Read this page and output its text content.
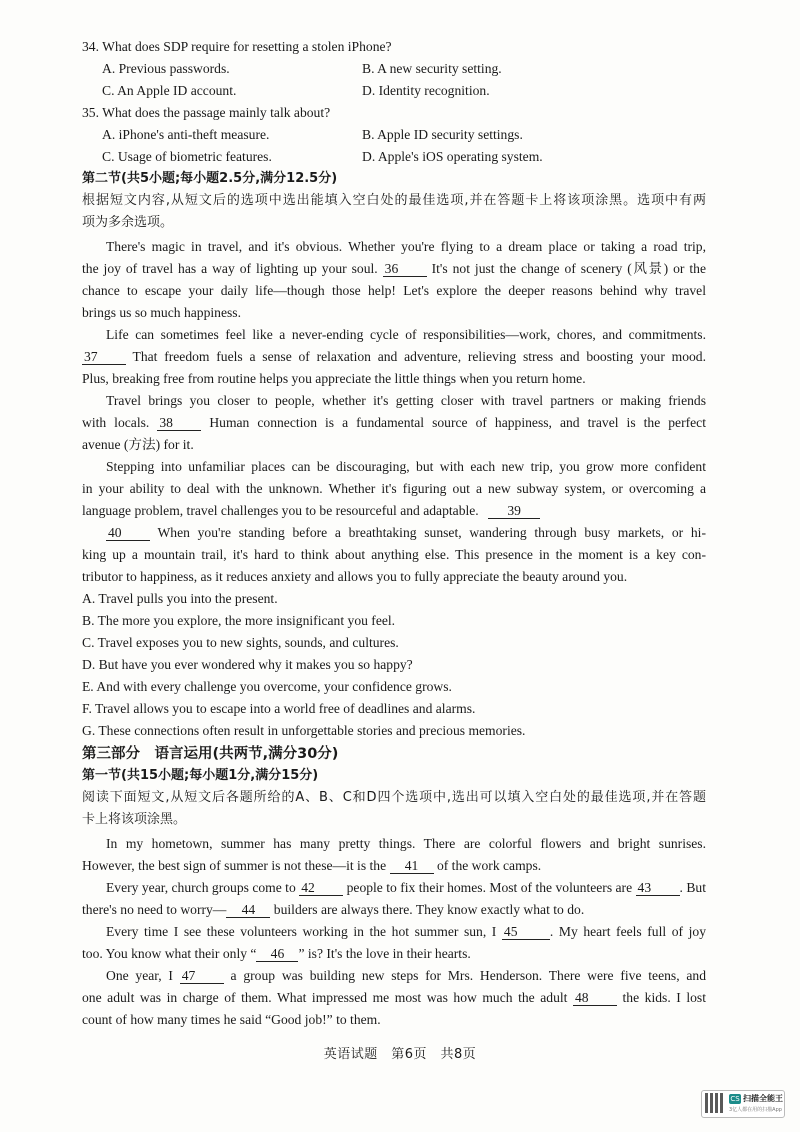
34. What does SDP require for resetting a stolen iPhone?
A. Previous passwords.	B. A new security setting.
C. An Apple ID account.	D. Identity recognition.
35. What does the passage mainly talk about?
A. iPhone's anti-theft measure.	B. Apple ID security settings.
C. Usage of biometric features.	D. Apple's iOS operating system.
第二节(共5小题;每小题2.5分,满分12.5分)
根据短文内容,从短文后的选项中选出能填入空白处的最佳选项,并在答题卡上将该项涂黑。选项中有两
项为多余选项。
There's magic in travel, and it's obvious. Whether you're flying to a dream place or taking a road trip,
the joy of travel has a way of lighting up your soul. 36 It's not just the change of scenery (风景) or the
chance to escape your daily life—though those help! Let's explore the deeper reasons behind why travel
brings us so much happiness.
Life can sometimes feel like a never-ending cycle of responsibilities—work, chores, and commitments.
37	That freedom fuels a sense of relaxation and adventure, relieving stress and boosting your mood.
Plus, breaking free from routine helps you appreciate the little things when you return home.
Travel brings you closer to people, whether it's getting closer with travel partners or making friends
with locals. 38	Human connection is a fundamental source of happiness, and travel is the perfect
avenue (方法) for it.
Stepping into unfamiliar places can be discouraging, but with each new trip, you grow more confident
in your ability to deal with the unknown. Whether it's figuring out a new subway system, or overcoming a
language problem, travel challenges you to be resourceful and adaptable. 39
40	When you're standing before a breathtaking sunset, wandering through busy markets, or hi-
king up a mountain trail, it's hard to think about anything else. This presence in the moment is a key con-
tributor to happiness, as it reduces anxiety and allows you to fully appreciate the beauty around you.
A. Travel pulls you into the present.
B. The more you explore, the more insignificant you feel.
C. Travel exposes you to new sights, sounds, and cultures.
D. But have you ever wondered why it makes you so happy?
E. And with every challenge you overcome, your confidence grows.
F. Travel allows you to escape into a world free of deadlines and alarms.
G. These connections often result in unforgettable stories and precious memories.
第三部分　语言运用(共两节,满分30分)
第一节(共15小题;每小题1分,满分15分)
阅读下面短文,从短文后各题所给的A、B、C和D四个选项中,选出可以填入空白处的最佳选项,并在答题
卡上将该项涂黑。
In my hometown, summer has many pretty things. There are colorful flowers and bright sunrises.
However, the best sign of summer is not these—it is the 41 of the work camps.
Every year, church groups come to 42 people to fix their homes. Most of the volunteers are 43 . But
there's no need to worry— 44 builders are always there. They know exactly what to do.
Every time I see these volunteers working in the hot summer sun, I 45 . My heart feels full of joy
too. You know what their only “ 46 ” is? It's the love in their hearts.
One year, I 47	a group was building new steps for Mrs. Henderson. There were five teens, and
one adult was in charge of them. What impressed me most was how much the adult 48 the kids. I lost
count of how many times he said “Good job!” to them.
英语试题　第6页　共8页
CS 扫描全能王
3亿人都在用的扫描App
